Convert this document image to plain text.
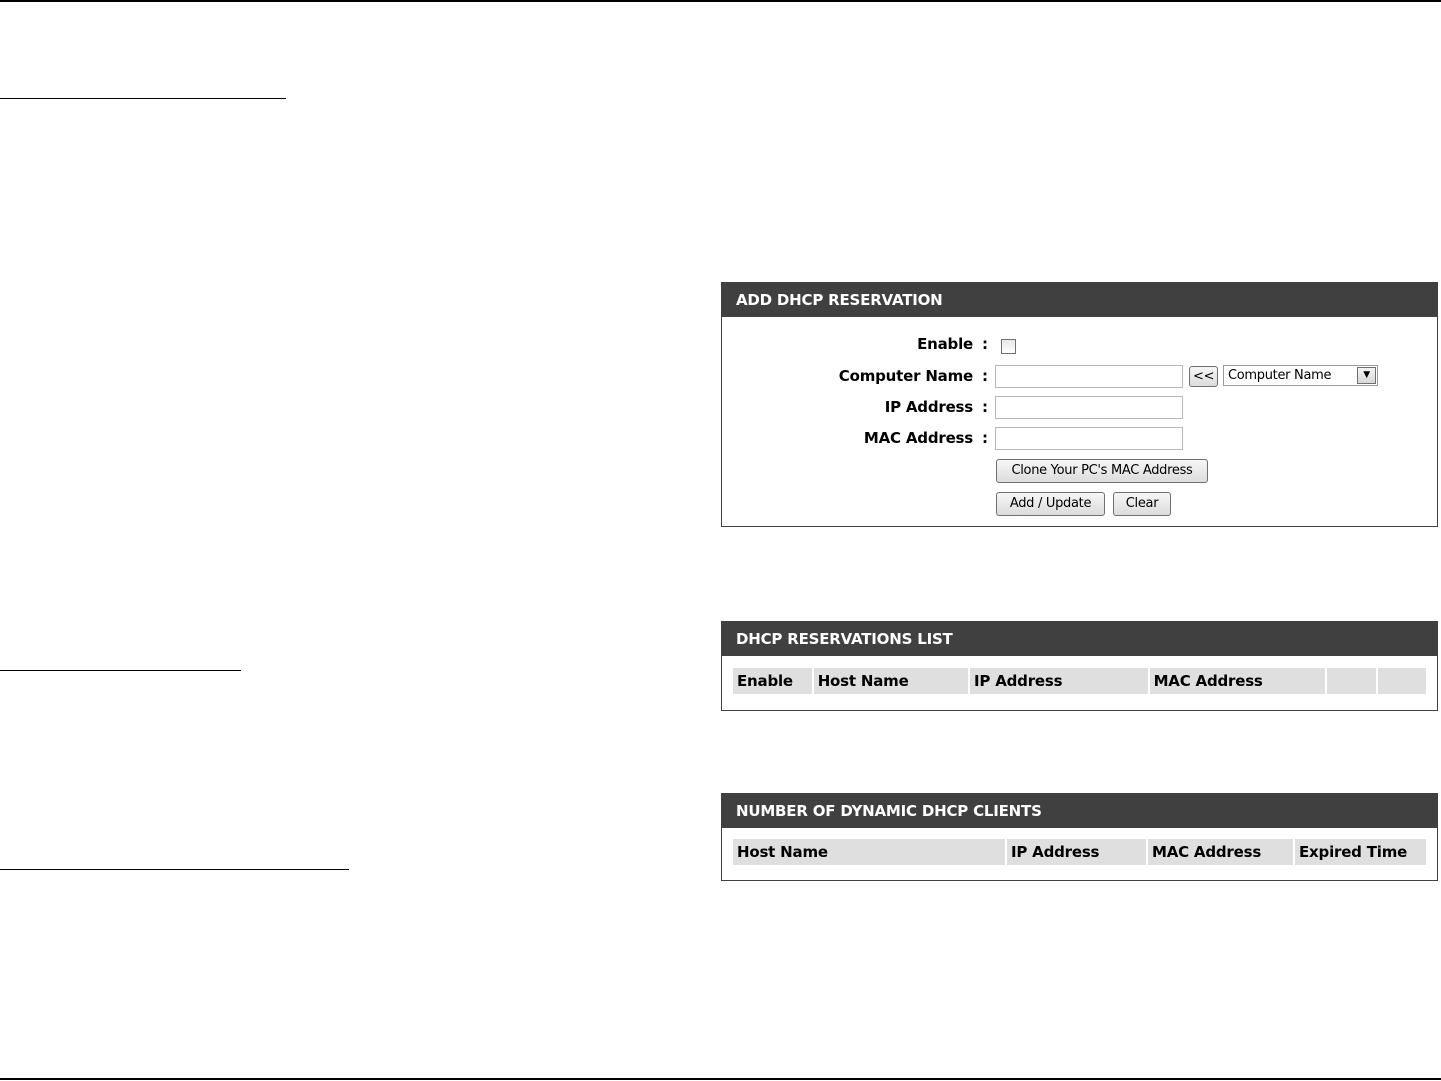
ADD DHCP RESERVATION
Enable :
Computer Name :	<<	Computer Name	▼
IP Address :
MAC Address :
Clone Your PC's MAC Address
Add / Update	Clear
DHCP RESERVATIONS LIST
Enable	Host Name	IP Address	MAC Address		
NUMBER OF DYNAMIC DHCP CLIENTS
Host Name	IP Address	MAC Address	Expired Time
